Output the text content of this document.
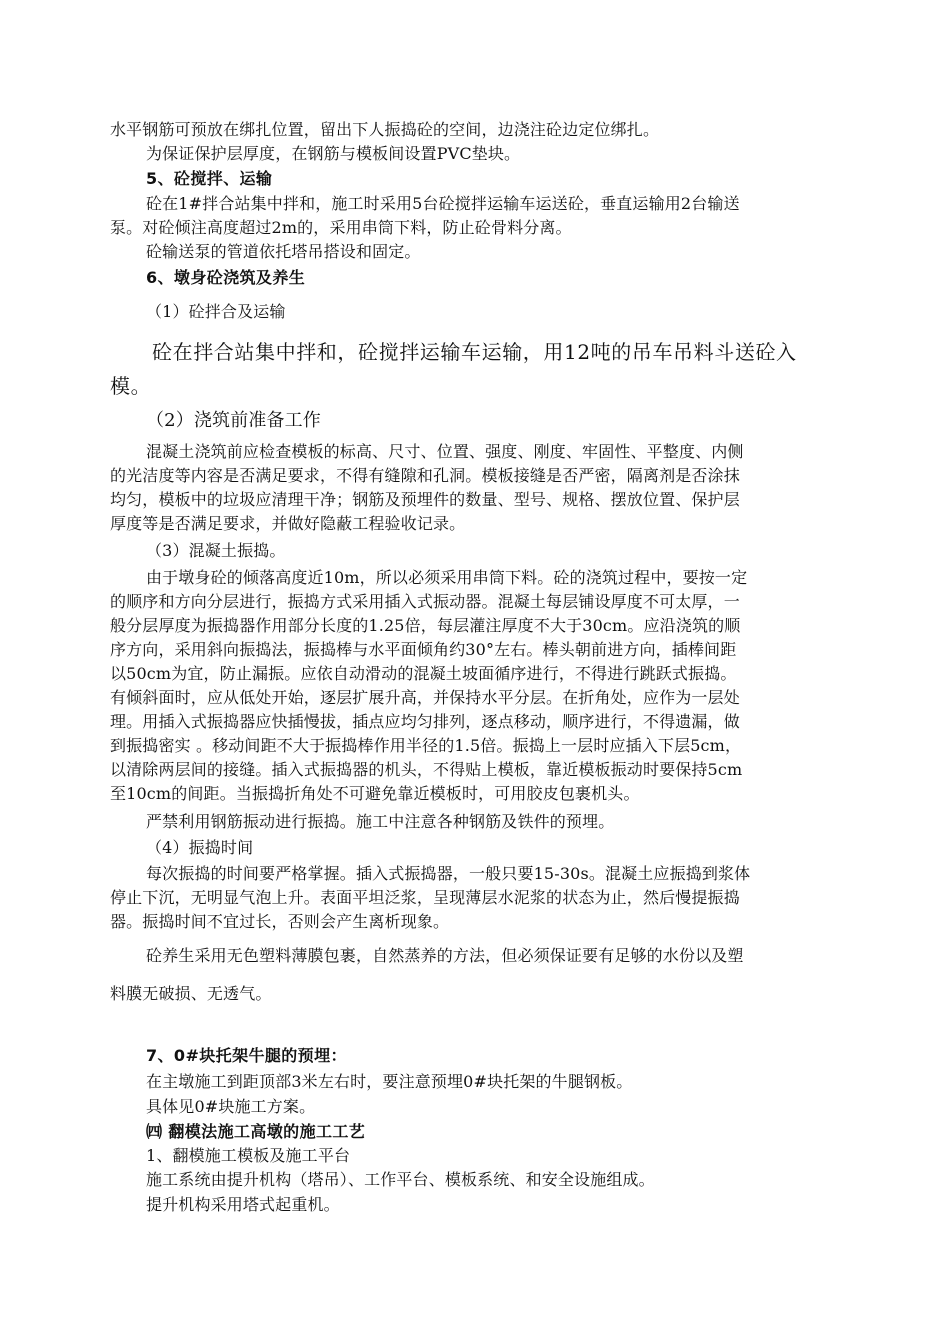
水平钢筋可预放在绑扎位置，留出下人振捣砼的空间，边浇注砼边定位绑扎。
为保证保护层厚度，在钢筋与模板间设置PVC垫块。
5、砼搅拌、运输
砼在1#拌合站集中拌和，施工时采用5台砼搅拌运输车运送砼，垂直运输用2台输送
泵。对砼倾注高度超过2m的，采用串筒下料，防止砼骨料分离。
砼输送泵的管道依托塔吊搭设和固定。
6、墩身砼浇筑及养生
（1）砼拌合及运输
砼在拌合站集中拌和，砼搅拌运输车运输，用12吨的吊车吊料斗送砼入
模。
（2）浇筑前准备工作
混凝土浇筑前应检查模板的标高、尺寸、位置、强度、刚度、牢固性、平整度、内侧
的光洁度等内容是否满足要求，不得有缝隙和孔洞。模板接缝是否严密，隔离剂是否涂抹
均匀，模板中的垃圾应清理干净；钢筋及预埋件的数量、型号、规格、摆放位置、保护层
厚度等是否满足要求，并做好隐蔽工程验收记录。
（3）混凝土振捣。
由于墩身砼的倾落高度近10m，所以必须采用串筒下料。砼的浇筑过程中，要按一定
的顺序和方向分层进行，振捣方式采用插入式振动器。混凝土每层铺设厚度不可太厚，一
般分层厚度为振捣器作用部分长度的1.25倍，每层灌注厚度不大于30cm。应沿浇筑的顺
序方向，采用斜向振捣法，振捣棒与水平面倾角约30°左右。棒头朝前进方向，插棒间距
以50cm为宜，防止漏振。应依自动滑动的混凝土坡面循序进行，不得进行跳跃式振捣。
有倾斜面时，应从低处开始，逐层扩展升高，并保持水平分层。在折角处，应作为一层处
理。用插入式振捣器应快插慢拔，插点应均匀排列，逐点移动，顺序进行，不得遗漏，做
到振捣密实 。移动间距不大于振捣棒作用半径的1.5倍。振捣上一层时应插入下层5cm，
以清除两层间的接缝。插入式振捣器的机头，不得贴上模板，靠近模板振动时要保持5cm
至10cm的间距。当振捣折角处不可避免靠近模板时，可用胶皮包裹机头。
严禁利用钢筋振动进行振捣。施工中注意各种钢筋及铁件的预埋。
（4）振捣时间
每次振捣的时间要严格掌握。插入式振捣器，一般只要15-30s。混凝土应振捣到浆体
停止下沉，无明显气泡上升。表面平坦泛浆，呈现薄层水泥浆的状态为止，然后慢提振捣
器。振捣时间不宜过长，否则会产生离析现象。
砼养生采用无色塑料薄膜包裹，自然蒸养的方法，但必须保证要有足够的水份以及塑
料膜无破损、无透气。
7、0#块托架牛腿的预埋：
在主墩施工到距顶部3米左右时，要注意预埋0#块托架的牛腿钢板。
具体见0#块施工方案。
㈣ 翻模法施工高墩的施工工艺
1、翻模施工模板及施工平台
施工系统由提升机构（塔吊）、工作平台、模板系统、和安全设施组成。
提升机构采用塔式起重机。
